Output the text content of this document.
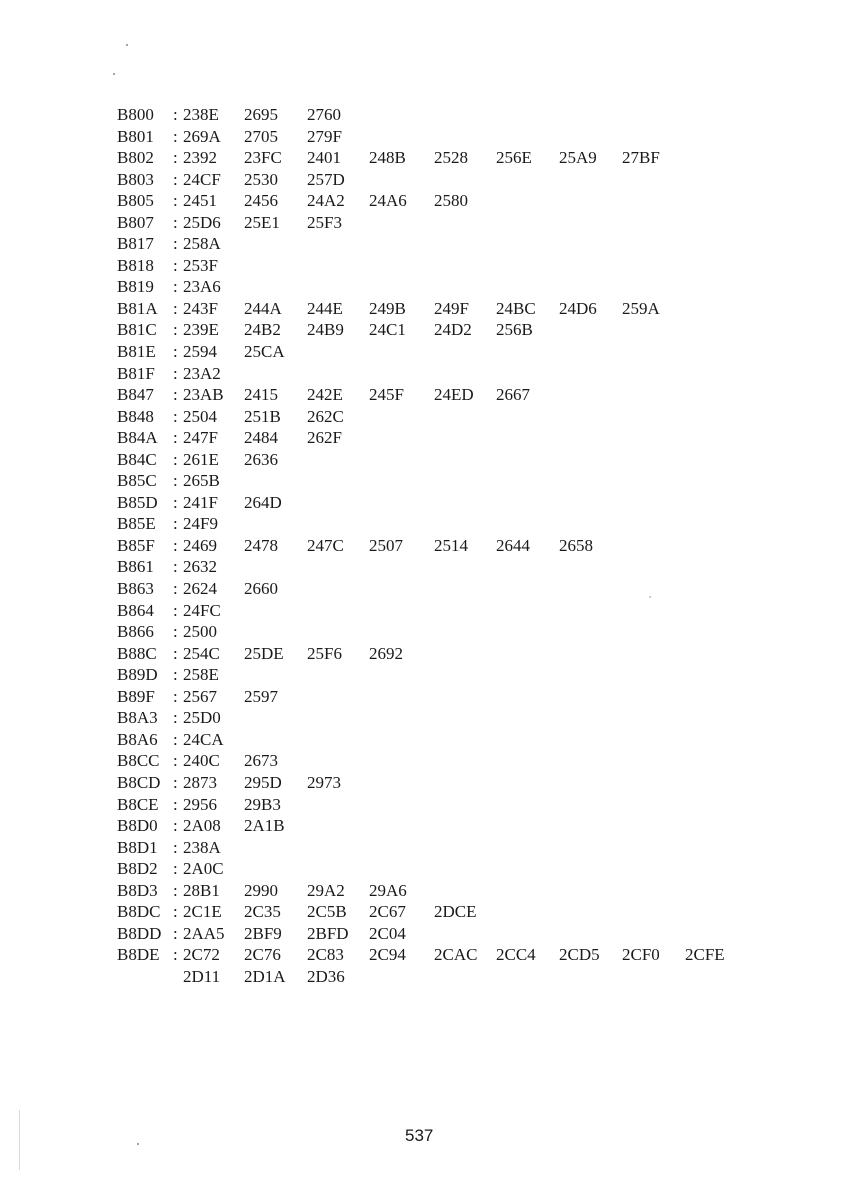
B800 : 238E 2695 2760
B801 : 269A 2705 279F
B802 : 2392 23FC 2401 248B 2528 256E 25A9 27BF
B803 : 24CF 2530 257D
B805 : 2451 2456 24A2 24A6 2580
B807 : 25D6 25E1 25F3
B817 : 258A
B818 : 253F
B819 : 23A6
B81A : 243F 244A 244E 249B 249F 24BC 24D6 259A
B81C : 239E 24B2 24B9 24C1 24D2 256B
B81E : 2594 25CA
B81F : 23A2
B847 : 23AB 2415 242E 245F 24ED 2667
B848 : 2504 251B 262C
B84A : 247F 2484 262F
B84C : 261E 2636
B85C : 265B
B85D : 241F 264D
B85E : 24F9
B85F : 2469 2478 247C 2507 2514 2644 2658
B861 : 2632
B863 : 2624 2660
B864 : 24FC
B866 : 2500
B88C : 254C 25DE 25F6 2692
B89D : 258E
B89F : 2567 2597
B8A3 : 25D0
B8A6 : 24CA
B8CC : 240C 2673
B8CD : 2873 295D 2973
B8CE : 2956 29B3
B8D0 : 2A08 2A1B
B8D1 : 238A
B8D2 : 2A0C
B8D3 : 28B1 2990 29A2 29A6
B8DC : 2C1E 2C35 2C5B 2C67 2DCE
B8DD : 2AA5 2BF9 2BFD 2C04
B8DE : 2C72 2C76 2C83 2C94 2CAC 2CC4 2CD5 2CF0 2CFE
2D11 2D1A 2D36
537
